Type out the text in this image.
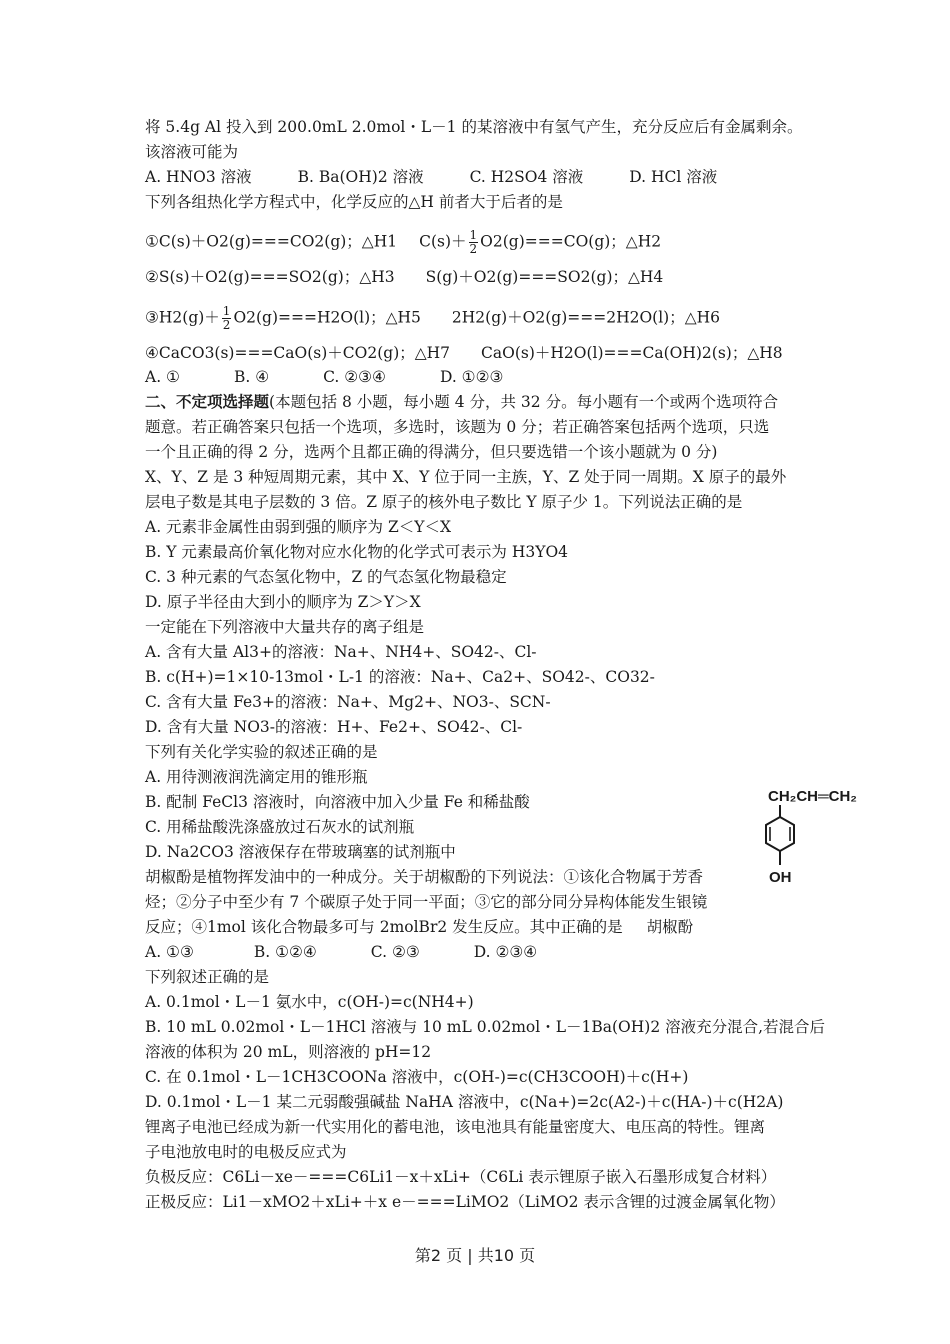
将 5.4g Al 投入到 200.0mL 2.0mol・L－1 的某溶液中有氢气产生，充分反应后有金属剩余。
该溶液可能为
A. HNO3 溶液	B. Ba(OH)2 溶液	C. H2SO4 溶液	D. HCl 溶液
下列各组热化学方程式中，化学反应的△H 前者大于后者的是
①C(s)＋O2(g)===CO2(g)；△H1 $C(s)+ \frac{1}{2} O2(g)===CO(g)$；△H2
②S(s)＋O2(g)===SO2(g)；△H3　　S(g)＋O2(g)===SO2(g)；△H4
③H2(g)＋ $\frac{1}{2} O2(g)===H2O(l)$；△H5　　2H2(g)＋O2(g)===2H2O(l)；△H6
④CaCO3(s)===CaO(s)＋CO2(g)；△H7　　CaO(s)＋H2O(l)===Ca(OH)2(s)；△H8
A. ①	B. ④	C. ②③④	D. ①②③
二、不定项选择题(本题包括 8 小题，每小题 4 分，共 32 分。每小题有一个或两个选项符合
题意。若正确答案只包括一个选项，多选时，该题为 0 分；若正确答案包括两个选项，只选
一个且正确的得 2 分，选两个且都正确的得满分，但只要选错一个该小题就为 0 分)
X、Y、Z 是 3 种短周期元素，其中 X、Y 位于同一主族，Y、Z 处于同一周期。X 原子的最外
层电子数是其电子层数的 3 倍。Z 原子的核外电子数比 Y 原子少 1。下列说法正确的是
A. 元素非金属性由弱到强的顺序为 Z＜Y＜X
B. Y 元素最高价氧化物对应水化物的化学式可表示为 H3YO4
C. 3 种元素的气态氢化物中，Z 的气态氢化物最稳定
D. 原子半径由大到小的顺序为 Z＞Y＞X
一定能在下列溶液中大量共存的离子组是
A. 含有大量 Al3+的溶液：Na+、NH4+、SO42-、Cl-
B. c(H+)=1×10-13mol・L-1 的溶液：Na+、Ca2+、SO42-、CO32-
C. 含有大量 Fe3+的溶液：Na+、Mg2+、NO3-、SCN-
D. 含有大量 NO3-的溶液：H+、Fe2+、SO42-、Cl-
下列有关化学实验的叙述正确的是
A. 用待测液润洗滴定用的锥形瓶
B. 配制 FeCl3 溶液时，向溶液中加入少量 Fe 和稀盐酸
C. 用稀盐酸洗涤盛放过石灰水的试剂瓶
D. Na2CO3 溶液保存在带玻璃塞的试剂瓶中
胡椒酚是植物挥发油中的一种成分。关于胡椒酚的下列说法：①该化合物属于芳香
烃；②分子中至少有 7 个碳原子处于同一平面；③它的部分同分异构体能发生银镜
反应；④1mol 该化合物最多可与 2molBr2 发生反应。其中正确的是 胡椒酚
A. ①③	B. ①②④	C. ②③	D. ②③④
CH₂CH═CH₂
OH
下列叙述正确的是
A. 0.1mol・L－1 氨水中，c(OH-)=c(NH4+)
B. 10 mL 0.02mol・L－1HCl 溶液与 10 mL 0.02mol・L－1Ba(OH)2 溶液充分混合,若混合后
溶液的体积为 20 mL，则溶液的 pH=12
C. 在 0.1mol・L－1CH3COONa 溶液中，c(OH-)=c(CH3COOH)＋c(H+)
D. 0.1mol・L－1 某二元弱酸强碱盐 NaHA 溶液中，c(Na+)=2c(A2-)＋c(HA-)＋c(H2A)
锂离子电池已经成为新一代实用化的蓄电池，该电池具有能量密度大、电压高的特性。锂离
子电池放电时的电极反应式为
负极反应：C6Li－xe－===C6Li1－x＋xLi+（C6Li 表示锂原子嵌入石墨形成复合材料）
正极反应：Li1－xMO2＋xLi+＋x e－===LiMO2（LiMO2 表示含锂的过渡金属氧化物）
第2 页 | 共10 页
